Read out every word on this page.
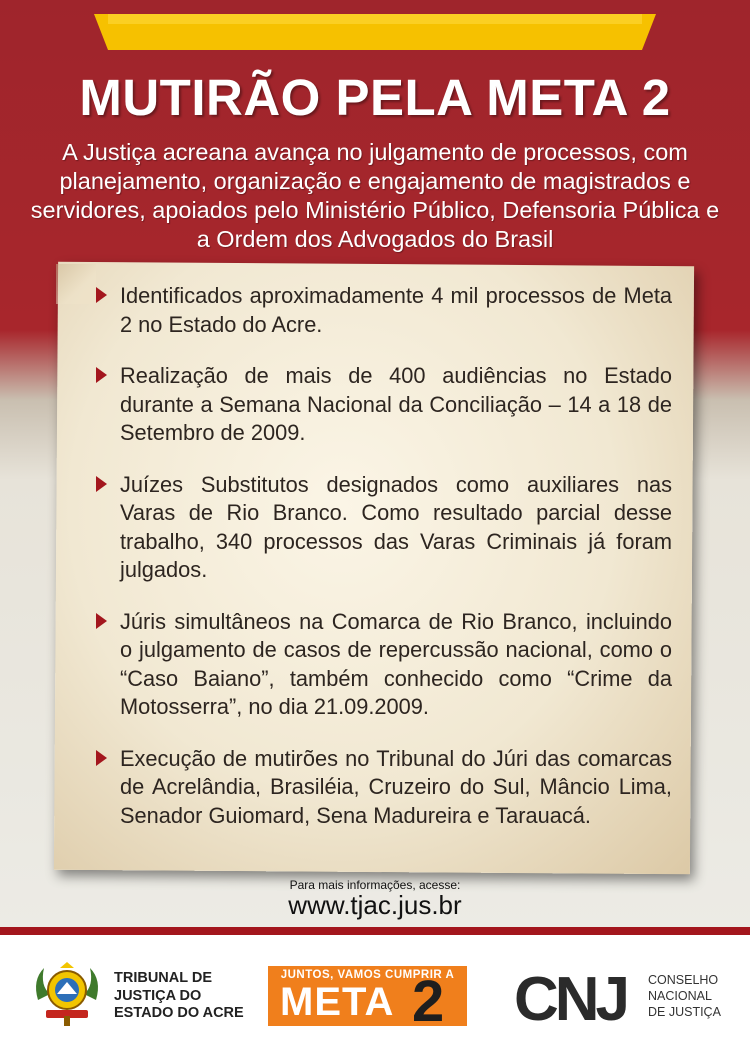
MUTIRÃO PELA META 2
A Justiça acreana avança no julgamento de processos, com planejamento, organização e engajamento de magistrados e servidores, apoiados pelo Ministério Público, Defensoria Pública e a Ordem dos Advogados do Brasil
Identificados aproximadamente 4 mil processos de Meta 2 no Estado do Acre.
Realização de mais de 400 audiências no Estado durante a Semana Nacional da Conciliação – 14 a 18 de Setembro de 2009.
Juízes Substitutos designados como auxiliares nas Varas de Rio Branco. Como resultado parcial desse trabalho, 340 processos das Varas Criminais já foram julgados.
Júris simultâneos na Comarca de Rio Branco, incluindo o julgamento de casos de repercussão nacional, como o “Caso Baiano”, também conhecido como “Crime da Motosserra”, no dia 21.09.2009.
Execução de mutirões no Tribunal do Júri das comarcas de Acrelândia, Brasiléia, Cruzeiro do Sul, Mâncio Lima, Senador Guiomard, Sena Madureira e Tarauacá.
Para mais informações, acesse:
www.tjac.jus.br
TRIBUNAL DE
JUSTIÇA DO
ESTADO DO ACRE
JUNTOS, VAMOS CUMPRIR A
META 2 CNJ CONSELHO
NACIONAL
DE JUSTIÇA
